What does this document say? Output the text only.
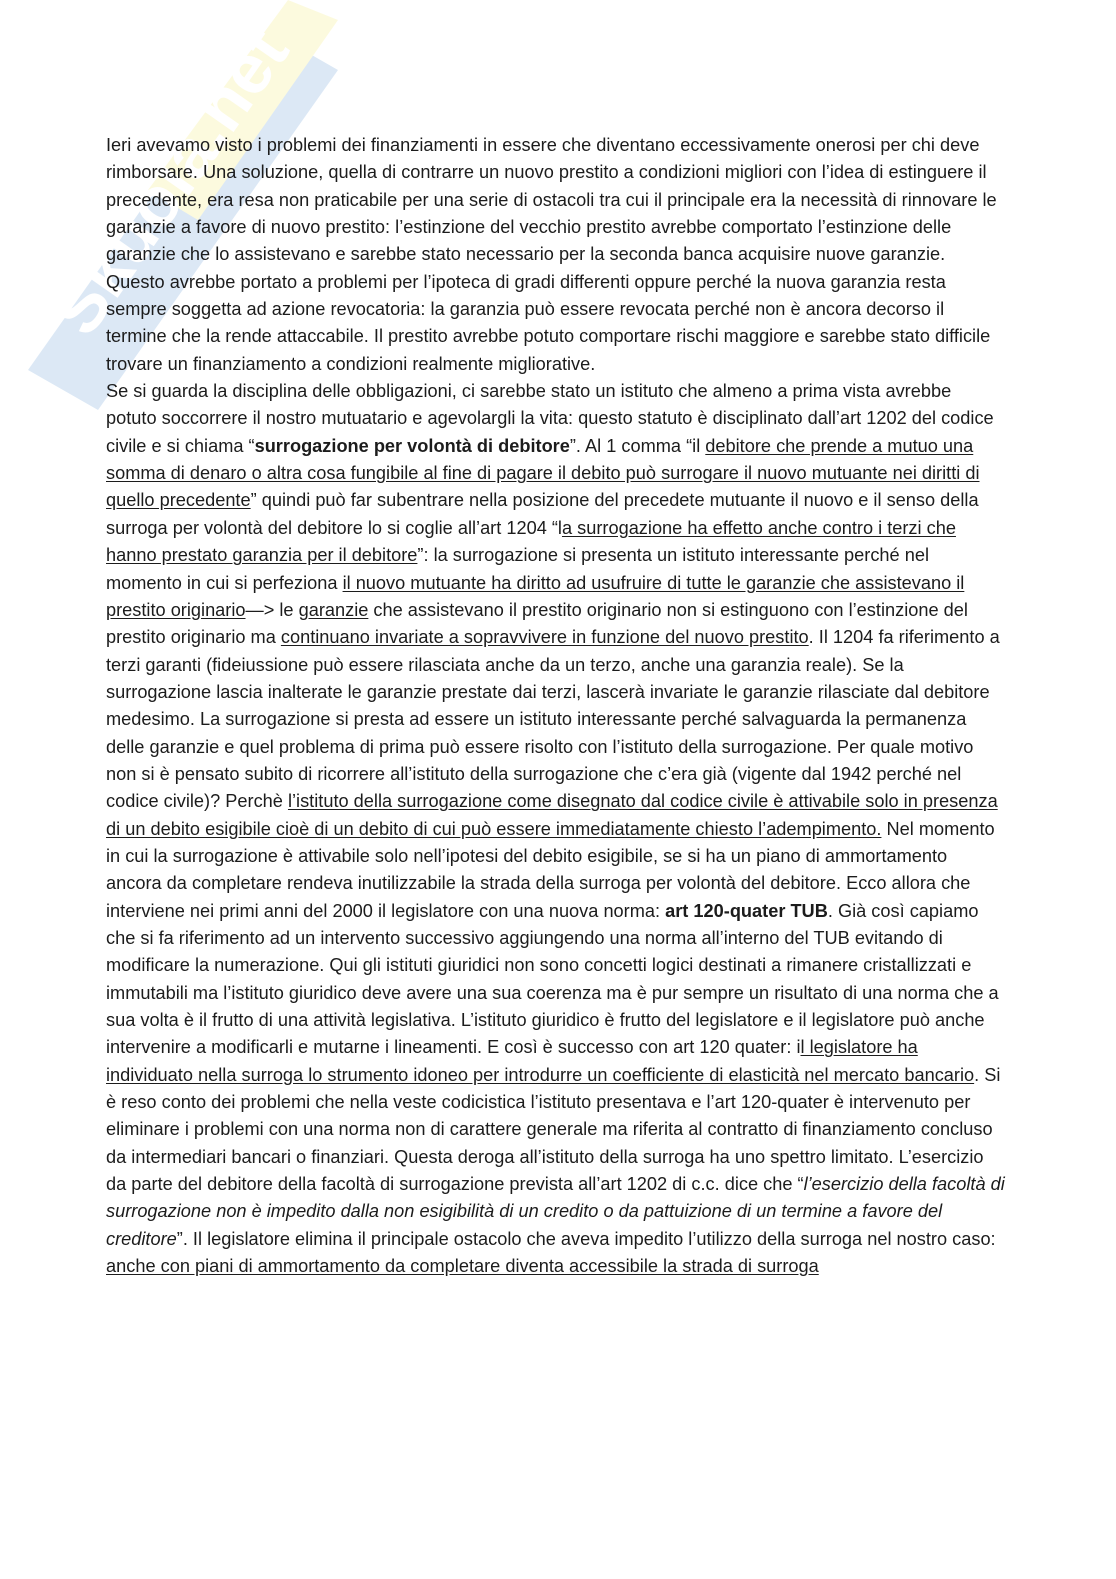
Skuola.net

Ieri avevamo visto i problemi dei finanziamenti in essere che diventano eccessivamente onerosi per chi deve rimborsare. Una soluzione, quella di contrarre un nuovo prestito a condizioni migliori con l’idea di estinguere il precedente, era resa non praticabile per una serie di ostacoli tra cui il principale era la necessità di rinnovare le garanzie a favore di nuovo prestito: l’estinzione del vecchio prestito avrebbe comportato l’estinzione delle garanzie che lo assistevano e sarebbe stato necessario per la seconda banca acquisire nuove garanzie. Questo avrebbe portato a problemi per l’ipoteca di gradi differenti oppure perché la nuova garanzia resta sempre soggetta ad azione revocatoria: la garanzia può essere revocata perché non è ancora decorso il termine che la rende attaccabile. Il prestito avrebbe potuto comportare rischi maggiore e sarebbe stato difficile trovare un finanziamento a condizioni realmente migliorative.

Se si guarda la disciplina delle obbligazioni, ci sarebbe stato un istituto che almeno a prima vista avrebbe potuto soccorrere il nostro mutuatario e agevolargli la vita: questo statuto è disciplinato dall’art 1202 del codice civile e si chiama “surrogazione per volontà di debitore”. Al 1 comma “il debitore che prende a mutuo una somma di denaro o altra cosa fungibile al fine di pagare il debito può surrogare il nuovo mutuante nei diritti di quello precedente” quindi può far subentrare nella posizione del precedete mutuante il nuovo e il senso della surroga per volontà del debitore lo si coglie all’art 1204 “la surrogazione ha effetto anche contro i terzi che hanno prestato garanzia per il debitore”: la surrogazione si presenta un istituto interessante perché nel momento in cui si perfeziona il nuovo mutuante ha diritto ad usufruire di tutte le garanzie che assistevano il prestito originario—> le garanzie che assistevano il prestito originario non si estinguono con l’estinzione del prestito originario ma continuano invariate a sopravvivere in funzione del nuovo prestito. Il 1204 fa riferimento a terzi garanti (fideiussione può essere rilasciata anche da un terzo, anche una garanzia reale). Se la surrogazione lascia inalterate le garanzie prestate dai terzi, lascerà invariate le garanzie rilasciate dal debitore medesimo. La surrogazione si presta ad essere un istituto interessante perché salvaguarda la permanenza delle garanzie e quel problema di prima può essere risolto con l’istituto della surrogazione. Per quale motivo non si è pensato subito di ricorrere all’istituto della surrogazione che c’era già (vigente dal 1942 perché nel codice civile)? Perchè l’istituto della surrogazione come disegnato dal codice civile è attivabile solo in presenza di un debito esigibile cioè di un debito di cui può essere immediatamente chiesto l’adempimento. Nel momento in cui la surrogazione è attivabile solo nell’ipotesi del debito esigibile, se si ha un piano di ammortamento ancora da completare rendeva inutilizzabile la strada della surroga per volontà del debitore. Ecco allora che interviene nei primi anni del 2000 il legislatore con una nuova norma: art 120-quater TUB. Già così capiamo che si fa riferimento ad un intervento successivo aggiungendo una norma all’interno del TUB evitando di modificare la numerazione. Qui gli istituti giuridici non sono concetti logici destinati a rimanere cristallizzati e immutabili ma l’istituto giuridico deve avere una sua coerenza ma è pur sempre un risultato di una norma che a sua volta è il frutto di una attività legislativa. L’istituto giuridico è frutto del legislatore e il legislatore può anche intervenire a modificarli e mutarne i lineamenti. E così è successo con art 120 quater: il legislatore ha individuato nella surroga lo strumento idoneo per introdurre un coefficiente di elasticità nel mercato bancario. Si è reso conto dei problemi che nella veste codicistica l’istituto presentava e l’art 120-quater è intervenuto per eliminare i problemi con una norma non di carattere generale ma riferita al contratto di finanziamento concluso da intermediari bancari o finanziari. Questa deroga all’istituto della surroga ha uno spettro limitato. L’esercizio da parte del debitore della facoltà di surrogazione prevista all’art 1202 di c.c. dice che “l’esercizio della facoltà di surrogazione non è impedito dalla non esigibilità di un credito o da pattuizione di un termine a favore del creditore”. Il legislatore elimina il principale ostacolo che aveva impedito l’utilizzo della surroga nel nostro caso: anche con piani di ammortamento da completare diventa accessibile la strada di surroga
